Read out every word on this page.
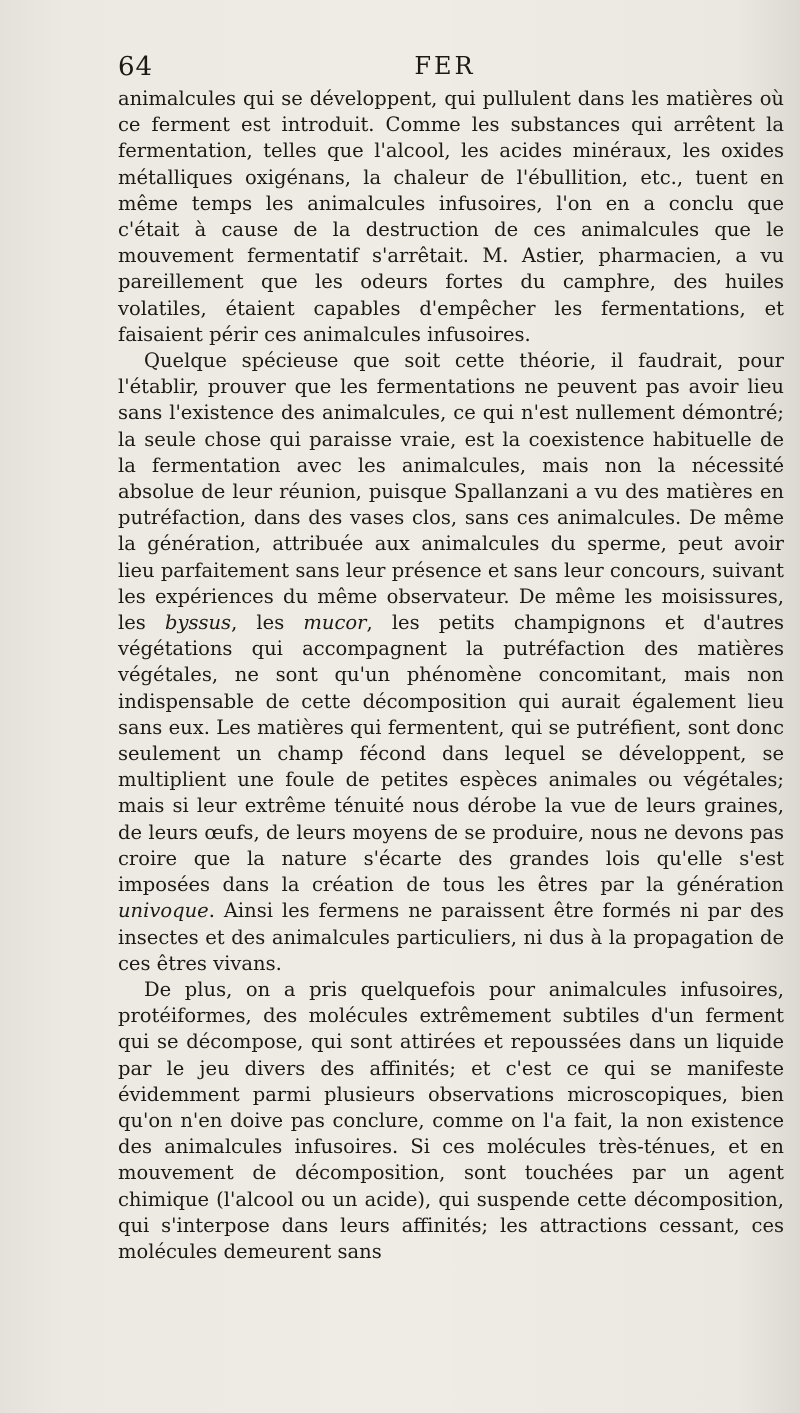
64	FER

animalcules qui se développent, qui pullulent dans les matières où ce ferment est introduit. Comme les substances qui arrêtent la fermentation, telles que l'alcool, les acides minéraux, les oxides métalliques oxigénans, la chaleur de l'ébullition, etc., tuent en même temps les animalcules infusoires, l'on en a conclu que c'était à cause de la destruction de ces animalcules que le mouvement fermentatif s'arrêtait. M. Astier, pharmacien, a vu pareillement que les odeurs fortes du camphre, des huiles volatiles, étaient capables d'empêcher les fermentations, et faisaient périr ces animalcules infusoires.

Quelque spécieuse que soit cette théorie, il faudrait, pour l'établir, prouver que les fermentations ne peuvent pas avoir lieu sans l'existence des animalcules, ce qui n'est nullement démontré; la seule chose qui paraisse vraie, est la coexistence habituelle de la fermentation avec les animalcules, mais non la nécessité absolue de leur réunion, puisque Spallanzani a vu des matières en putréfaction, dans des vases clos, sans ces animalcules. De même la génération, attribuée aux animalcules du sperme, peut avoir lieu parfaitement sans leur présence et sans leur concours, suivant les expériences du même observateur. De même les moisissures, les byssus, les mucor, les petits champignons et d'autres végétations qui accompagnent la putréfaction des matières végétales, ne sont qu'un phénomène concomitant, mais non indispensable de cette décomposition qui aurait également lieu sans eux. Les matières qui fermentent, qui se putréfient, sont donc seulement un champ fécond dans lequel se développent, se multiplient une foule de petites espèces animales ou végétales; mais si leur extrême ténuité nous dérobe la vue de leurs graines, de leurs œufs, de leurs moyens de se produire, nous ne devons pas croire que la nature s'écarte des grandes lois qu'elle s'est imposées dans la création de tous les êtres par la génération univoque. Ainsi les fermens ne paraissent être formés ni par des insectes et des animalcules particuliers, ni dus à la propagation de ces êtres vivans.

De plus, on a pris quelquefois pour animalcules infusoires, protéiformes, des molécules extrêmement subtiles d'un ferment qui se décompose, qui sont attirées et repoussées dans un liquide par le jeu divers des affinités; et c'est ce qui se manifeste évidemment parmi plusieurs observations microscopiques, bien qu'on n'en doive pas conclure, comme on l'a fait, la non existence des animalcules infusoires. Si ces molécules très-ténues, et en mouvement de décomposition, sont touchées par un agent chimique (l'alcool ou un acide), qui suspende cette décomposition, qui s'interpose dans leurs affinités; les attractions cessant, ces molécules demeurent sans
